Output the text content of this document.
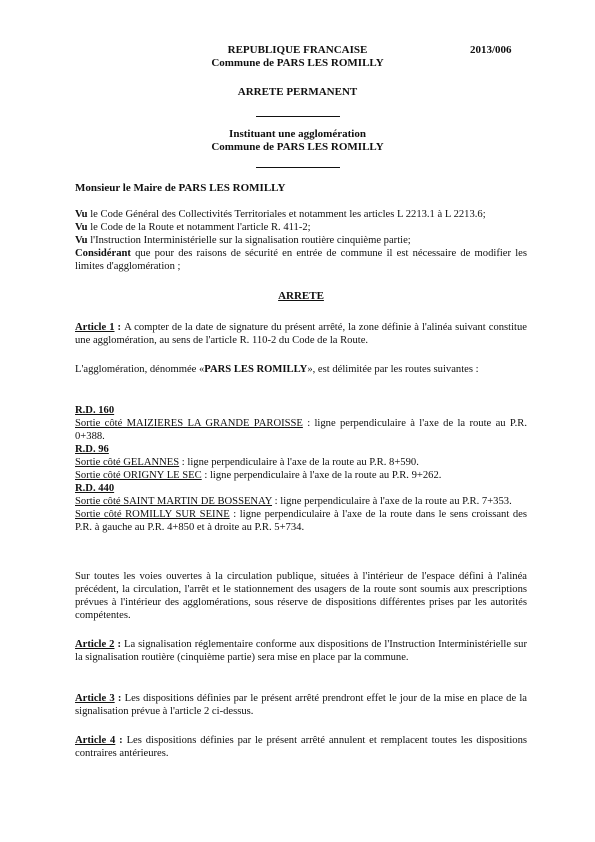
REPUBLIQUE FRANCAISE
Commune de PARS LES ROMILLY
2013/006
ARRETE PERMANENT
Instituant une agglomération
Commune de PARS LES ROMILLY
Monsieur le Maire de PARS LES ROMILLY

Vu le Code Général des Collectivités Territoriales et notamment les articles L 2213.1 à L 2213.6;

Vu le Code de la Route et notamment l'article R. 411-2;

Vu l'Instruction Interministérielle sur la signalisation routière cinquième partie;

Considérant que pour des raisons de sécurité en entrée de commune il est nécessaire de modifier les limites d'agglomération ;

ARRETE

Article 1 : A compter de la date de signature du présent arrêté, la zone définie à l'alinéa suivant constitue une agglomération, au sens de l'article R. 110-2 du Code de la Route.

L'agglomération, dénommée «PARS LES ROMILLY», est délimitée par les routes suivantes :

R.D. 160

Sortie côté MAIZIERES LA GRANDE PAROISSE : ligne perpendiculaire à l'axe de la route au P.R. 0+388.

R.D. 96

Sortie côté GELANNES : ligne perpendiculaire à l'axe de la route au P.R. 8+590.

Sortie côté ORIGNY LE SEC : ligne perpendiculaire à l'axe de la route au P.R. 9+262.

R.D. 440

Sortie côté SAINT MARTIN DE BOSSENAY : ligne perpendiculaire à l'axe de la route au P.R. 7+353.

Sortie côté ROMILLY SUR SEINE : ligne perpendiculaire à l'axe de la route dans le sens croissant des P.R. à gauche au P.R. 4+850 et à droite au P.R. 5+734.

Sur toutes les voies ouvertes à la circulation publique, situées à l'intérieur de l'espace défini à l'alinéa précédent, la circulation, l'arrêt et le stationnement des usagers de la route sont soumis aux prescriptions prévues à l'intérieur des agglomérations, sous réserve de dispositions différentes prises par les autorités compétentes.

Article 2 : La signalisation réglementaire conforme aux dispositions de l'Instruction Interministérielle sur la signalisation routière (cinquième partie) sera mise en place par la commune.

Article 3 : Les dispositions définies par le présent arrêté prendront effet le jour de la mise en place de la signalisation prévue à l'article 2 ci-dessus.

Article 4 : Les dispositions définies par le présent arrêté annulent et remplacent toutes les dispositions contraires antérieures.
